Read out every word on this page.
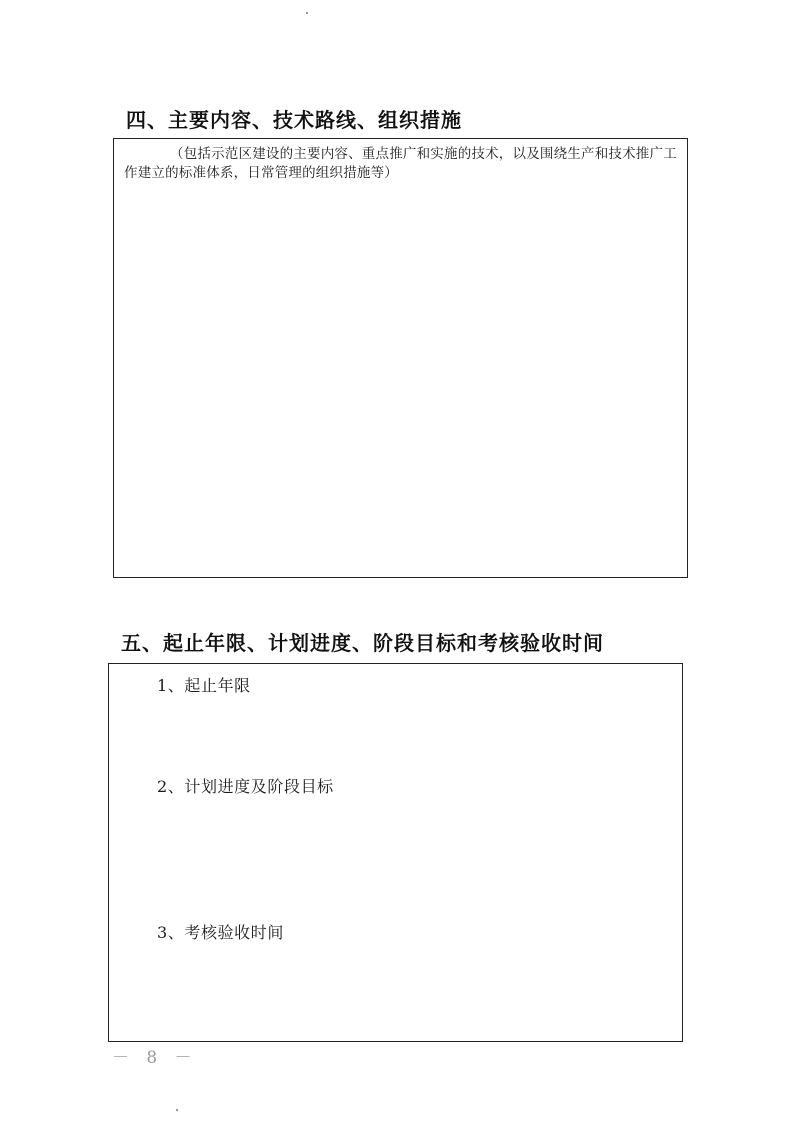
四、主要内容、技术路线、组织措施

（包括示范区建设的主要内容、重点推广和实施的技术，以及围绕生产和技术推广工作建立的标准体系，日常管理的组织措施等）

五、起止年限、计划进度、阶段目标和考核验收时间

1、起止年限

2、计划进度及阶段目标

3、考核验收时间

－ 8 －
